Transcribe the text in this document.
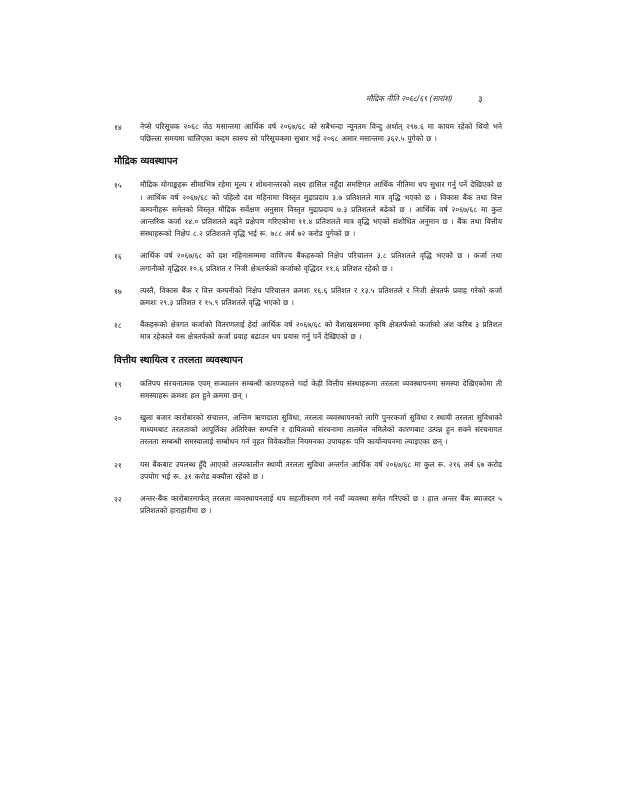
मौद्रिक नीति २०६८/६९ (सारांश)	३
१४	नेप्से परिसूचक २०६८ जेठ मसान्तमा आर्थिक वर्ष २०६७/६८ को सबैभन्दा न्यूनतम विन्दु अर्थात् २९७.६ मा कायम रहेको थियो भने पछिल्ला समयमा चालिएका कदम स्वरुप सो परिसूचकमा सुधार भई २०६८ असार मसान्तमा ३६२.५ पुगेको छ ।
मौद्रिक व्यवस्थापन
१५	मौद्रिक योगाङ्कहरू सीमाभित्र रहेमा मूल्य र शोधनान्तरको लक्ष्य हासिल नहुँदा समष्टिगत आर्थिक नीतिमा थप सुधार गर्नु पर्ने देखिएको छ । आर्थिक वर्ष २०६७/६८ को पहिलो दश महिनामा विस्तृत मुद्राप्रदाय ३.७ प्रतिशतले मात्र वृद्धि भएको छ । विकास बैंक तथा वित्त कम्पनीहरू समेतको विस्तृत मौद्रिक सर्वेक्षण अनुसार विस्तृत मुद्राप्रदाय ७.३ प्रतिशतले बढेको छ । आर्थिक वर्ष २०६७/६८ मा कुल आन्तरिक कर्जा १४.० प्रतिशतले बढ्ने प्रक्षेपण गरिएकोमा ११.४ प्रतिशतले मात्र वृद्धि भएको संशोधित अनुमान छ । बैंक तथा वित्तीय संस्थाहरूको निक्षेप ८.२ प्रतिशतले वृद्धि भई रू. ७८८ अर्ब ७२ करोड पुगेको छ ।
१६	आर्थिक वर्ष २०६७/६८ को दश महिनासम्ममा वाणिज्य बैंकहरूको निक्षेप परिचालन ३.८ प्रतिशतले वृद्धि भएको छ । कर्जा तथा लगानीको वृद्धिदर १०.६ प्रतिशत र निजी क्षेत्रतर्फको कर्जाको वृद्धिदर ११.६ प्रतिशत रहेको छ ।
१७	त्यस्तै, विकास बैंक र वित्त कम्पनीको निक्षेप परिचालन क्रमशः १६.६ प्रतिशत र १३.५ प्रतिशतले र निजी क्षेत्रतर्फ प्रवाह गरेको कर्जा क्रमशः २९.३ प्रतिशत र १५.९ प्रतिशतले वृद्धि भएको छ ।
१८	बैंकहरूको क्षेत्रगत कर्जाको वितरणलाई हेर्दा आर्थिक वर्ष २०६७/६८ को वैशाखसम्ममा कृषि क्षेत्रतर्फको कर्जाको अंश करिब ३ प्रतिशत मात्र रहेकाले यस क्षेत्रतर्फको कर्जा प्रवाह बढाउन थप प्रयास गर्नु पर्ने देखिएको छ ।
वित्तीय स्थायित्व र तरलता व्यवस्थापन
१९	कतिपय संरचनात्मक एवम् सञ्चालन सम्बन्धी कारणहरुले गर्दा केही वित्तीय संस्थाहरूमा तरलता व्यवस्थापनमा समस्या देखिएकोमा ती समस्याहरू क्रमशः हल हुने क्रममा छन् ।
२०	खुला बजार कारोबारको संचालन, अन्तिम ऋणदाता सुविधा, तरलता व्यवस्थापनको लागि पुनरकर्जा सुविधा र स्थायी तरलता सुविधाको माध्यमबाट तरलताको आपूर्तिका अतिरिक्त सम्पत्ति र दायित्वको संरचनामा तालमेल नमिलेको कारणबाट उत्पन्न हुन सक्ने संरचनागत तरलता सम्बन्धी समस्यालाई सम्बोधन गर्न वृहत विवेकशील नियमनका उपायहरू पनि कार्यान्वयनमा ल्याइएका छन् ।
२१	यस बैंकबाट उपलब्ध हुँदै आएको अल्पकालीन स्थायी तरलता सुविधा अन्तर्गत आर्थिक वर्ष २०६७/६८ मा कुल रू. २१६ अर्ब ६७ करोड उपयोग भई रू. ३१ करोड बक्यौता रहेको छ ।
२२	अन्तर-बैंक कारोबारमार्फत् तरलता व्यवस्थापनलाई थप सहजीकरण गर्न नयाँ व्यवस्था समेत गरिएको छ । हाल अन्तर बैंक ब्याजदर ५ प्रतिशतको हाराहारीमा छ ।
